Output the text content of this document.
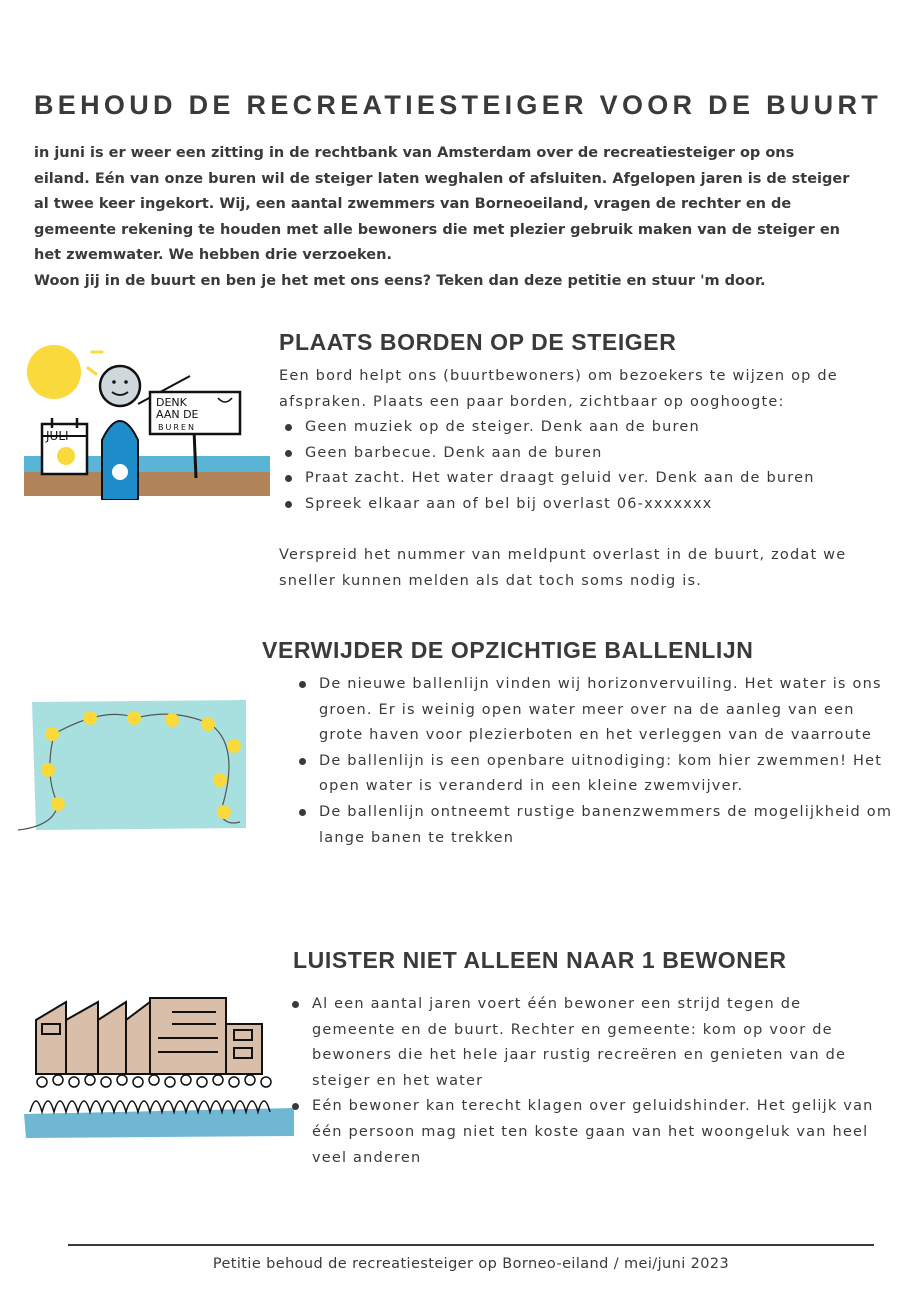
BEHOUD DE RECREATIESTEIGER VOOR DE BUURT

in juni is er weer een zitting in de rechtbank van Amsterdam over de recreatiesteiger op ons eiland. Eén van onze buren wil de steiger laten weghalen of afsluiten. Afgelopen jaren is de steiger al twee keer ingekort. Wij, een aantal zwemmers van Borneoeiland, vragen de rechter en de gemeente rekening te houden met alle bewoners die met plezier gebruik maken van de steiger en het zwemwater. We hebben drie verzoeken.

Woon jij in de buurt en ben je het met ons eens? Teken dan deze petitie en stuur 'm door.

JULI
DENK
AAN DE
BUREN
PLAATS BORDEN OP DE STEIGER

Een bord helpt ons (buurtbewoners) om bezoekers te wijzen op de afspraken. Plaats een paar borden, zichtbaar op ooghoogte:

Geen muziek op de steiger. Denk aan de buren
Geen barbecue. Denk aan de buren
Praat zacht. Het water draagt geluid ver. Denk aan de buren
Spreek elkaar aan of bel bij overlast 06-xxxxxxx

Verspreid het nummer van meldpunt overlast in de buurt, zodat we sneller kunnen melden als dat toch soms nodig is.

VERWIJDER DE OPZICHTIGE BALLENLIJN
De nieuwe ballenlijn vinden wij horizonvervuiling. Het water is ons groen. Er is weinig open water meer over na de aanleg van een grote haven voor plezierboten en het verleggen van de vaarroute
De ballenlijn is een openbare uitnodiging: kom hier zwemmen! Het open water is veranderd in een kleine zwemvijver.
De ballenlijn ontneemt rustige banenzwemmers de mogelijkheid om lange banen te trekken
LUISTER NIET ALLEEN NAAR 1 BEWONER
Al een aantal jaren voert één bewoner een strijd tegen de gemeente en de buurt. Rechter en gemeente: kom op voor de bewoners die het hele jaar rustig recreëren en genieten van de steiger en het water
Eén bewoner kan terecht klagen over geluidshinder. Het gelijk van één persoon mag niet ten koste gaan van het woongeluk van heel veel anderen
Petitie behoud de recreatiesteiger op Borneo-eiland / mei/juni 2023
